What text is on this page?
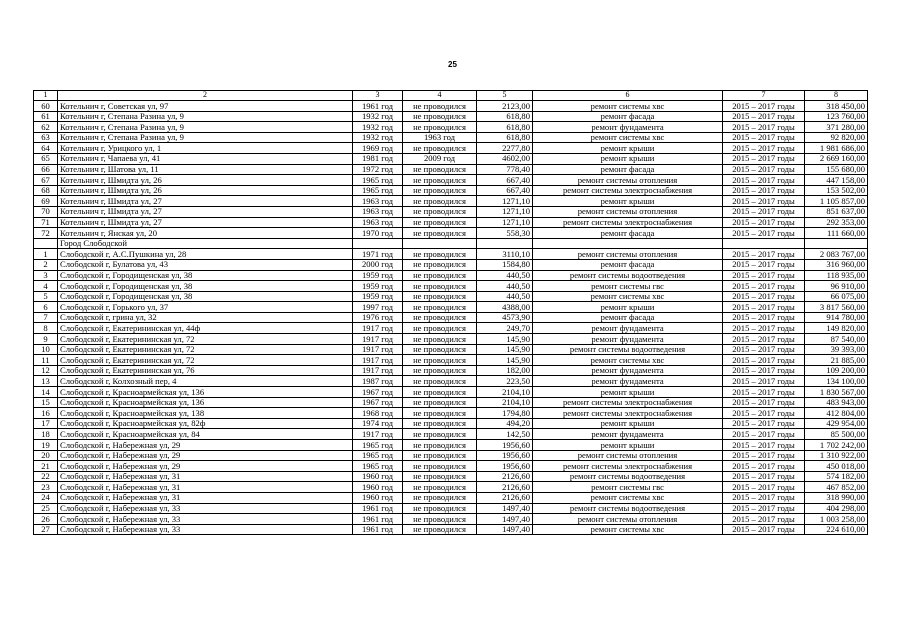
25
1	2	3	4	5	6	7	8
60	Котельнич г, Советская ул, 97	1961 год	не проводился	2123,00	ремонт системы хвс	2015 – 2017 годы	318 450,00
61	Котельнич г, Степана Разина ул, 9	1932 год	не проводился	618,80	ремонт фасада	2015 – 2017 годы	123 760,00
62	Котельнич г, Степана Разина ул, 9	1932 год	не проводился	618,80	ремонт фундамента	2015 – 2017 годы	371 280,00
63	Котельнич г, Степана Разина ул, 9	1932 год	1963 год	618,80	ремонт системы хвс	2015 – 2017 годы	92 820,00
64	Котельнич г, Урицкого ул, 1	1969 год	не проводился	2277,80	ремонт крыши	2015 – 2017 годы	1 981 686,00
65	Котельнич г, Чапаева ул, 41	1981 год	2009 год	4602,00	ремонт крыши	2015 – 2017 годы	2 669 160,00
66	Котельнич г, Шатова ул, 11	1972 год	не проводился	778,40	ремонт фасада	2015 – 2017 годы	155 680,00
67	Котельнич г, Шмидта ул, 26	1965 год	не проводился	667,40	ремонт системы отопления	2015 – 2017 годы	447 158,00
68	Котельнич г, Шмидта ул, 26	1965 год	не проводился	667,40	ремонт системы электроснабжения	2015 – 2017 годы	153 502,00
69	Котельнич г, Шмидта ул, 27	1963 год	не проводился	1271,10	ремонт крыши	2015 – 2017 годы	1 105 857,00
70	Котельнич г, Шмидта ул, 27	1963 год	не проводился	1271,10	ремонт системы отопления	2015 – 2017 годы	851 637,00
71	Котельнич г, Шмидта ул, 27	1963 год	не проводился	1271,10	ремонт системы электроснабжения	2015 – 2017 годы	292 353,00
72	Котельнич г, Янская ул, 20	1970 год	не проводился	558,30	ремонт фасада	2015 – 2017 годы	111 660,00
	Город Слободской						
1	Слободской г, А.С.Пушкина ул, 28	1971 год	не проводился	3110,10	ремонт системы отопления	2015 – 2017 годы	2 083 767,00
2	Слободской г, Булатова ул, 43	2000 год	не проводился	1584,80	ремонт фасада	2015 – 2017 годы	316 960,00
3	Слободской г, Городищенская ул, 38	1959 год	не проводился	440,50	ремонт системы водоотведения	2015 – 2017 годы	118 935,00
4	Слободской г, Городищенская ул, 38	1959 год	не проводился	440,50	ремонт системы гвс	2015 – 2017 годы	96 910,00
5	Слободской г, Городищенская ул, 38	1959 год	не проводился	440,50	ремонт системы хвс	2015 – 2017 годы	66 075,00
6	Слободской г, Горького ул, 37	1997 год	не проводился	4388,00	ремонт крыши	2015 – 2017 годы	3 817 560,00
7	Слободской г, грина ул, 32	1976 год	не проводился	4573,90	ремонт фасада	2015 – 2017 годы	914 780,00
8	Слободской г, Екатерининская ул, 44ф	1917 год	не проводился	249,70	ремонт фундамента	2015 – 2017 годы	149 820,00
9	Слободской г, Екатерининская ул, 72	1917 год	не проводился	145,90	ремонт фундамента	2015 – 2017 годы	87 540,00
10	Слободской г, Екатерининская ул, 72	1917 год	не проводился	145,90	ремонт системы водоотведения	2015 – 2017 годы	39 393,00
11	Слободской г, Екатерининская ул, 72	1917 год	не проводился	145,90	ремонт системы хвс	2015 – 2017 годы	21 885,00
12	Слободской г, Екатерининская ул, 76	1917 год	не проводился	182,00	ремонт фундамента	2015 – 2017 годы	109 200,00
13	Слободской г, Колхозный пер, 4	1987 год	не проводился	223,50	ремонт фундамента	2015 – 2017 годы	134 100,00
14	Слободской г, Красноармейская ул, 136	1967 год	не проводился	2104,10	ремонт крыши	2015 – 2017 годы	1 830 567,00
15	Слободской г, Красноармейская ул, 136	1967 год	не проводился	2104,10	ремонт системы электроснабжения	2015 – 2017 годы	483 943,00
16	Слободской г, Красноармейская ул, 138	1968 год	не проводился	1794,80	ремонт системы электроснабжения	2015 – 2017 годы	412 804,00
17	Слободской г, Красноармейская ул, 82ф	1974 год	не проводился	494,20	ремонт крыши	2015 – 2017 годы	429 954,00
18	Слободской г, Красноармейская ул, 84	1917 год	не проводился	142,50	ремонт фундамента	2015 – 2017 годы	85 500,00
19	Слободской г, Набережная ул, 29	1965 год	не проводился	1956,60	ремонт крыши	2015 – 2017 годы	1 702 242,00
20	Слободской г, Набережная ул, 29	1965 год	не проводился	1956,60	ремонт системы отопления	2015 – 2017 годы	1 310 922,00
21	Слободской г, Набережная ул, 29	1965 год	не проводился	1956,60	ремонт системы электроснабжения	2015 – 2017 годы	450 018,00
22	Слободской г, Набережная ул, 31	1960 год	не проводился	2126,60	ремонт системы водоотведения	2015 – 2017 годы	574 182,00
23	Слободской г, Набережная ул, 31	1960 год	не проводился	2126,60	ремонт системы гвс	2015 – 2017 годы	467 852,00
24	Слободской г, Набережная ул, 31	1960 год	не проводился	2126,60	ремонт системы хвс	2015 – 2017 годы	318 990,00
25	Слободской г, Набережная ул, 33	1961 год	не проводился	1497,40	ремонт системы водоотведения	2015 – 2017 годы	404 298,00
26	Слободской г, Набережная ул, 33	1961 год	не проводился	1497,40	ремонт системы отопления	2015 – 2017 годы	1 003 258,00
27	Слободской г, Набережная ул, 33	1961 год	не проводился	1497,40	ремонт системы хвс	2015 – 2017 годы	224 610,00
